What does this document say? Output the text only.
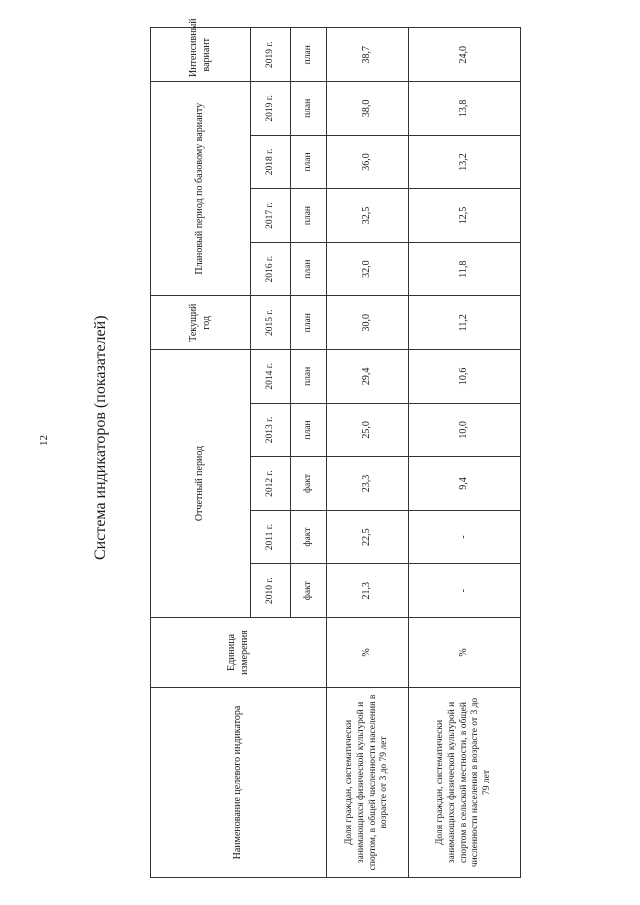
12	Система индикаторов (показателей)
Наименование целевого индикатора	Единица измерения	Отчетный период					Текущий год	Плановый период по базовому варианту				Интенсивный вариант
		2010 г.	2011 г.	2012 г.	2013 г.	2014 г.	2015 г.	2016 г.	2017 г.	2018 г.	2019 г.	2019 г.
		факт	факт	факт	план	план	план	план	план	план	план	план
Доля граждан, систематически занимающихся физической культурой и спортом, в общей численности населения в возрасте от 3 до 79 лет	%	21,3	22,5	23,3	25,0	29,4	30,0	32,0	32,5	36,0	38,0	38,7
Доля граждан, систематически занимающихся физической культурой и спортом в сельской местности, в общей численности населения в возрасте от 3 до 79 лет	%	-	-	9,4	10,0	10,6	11,2	11,8	12,5	13,2	13,8	24,0
